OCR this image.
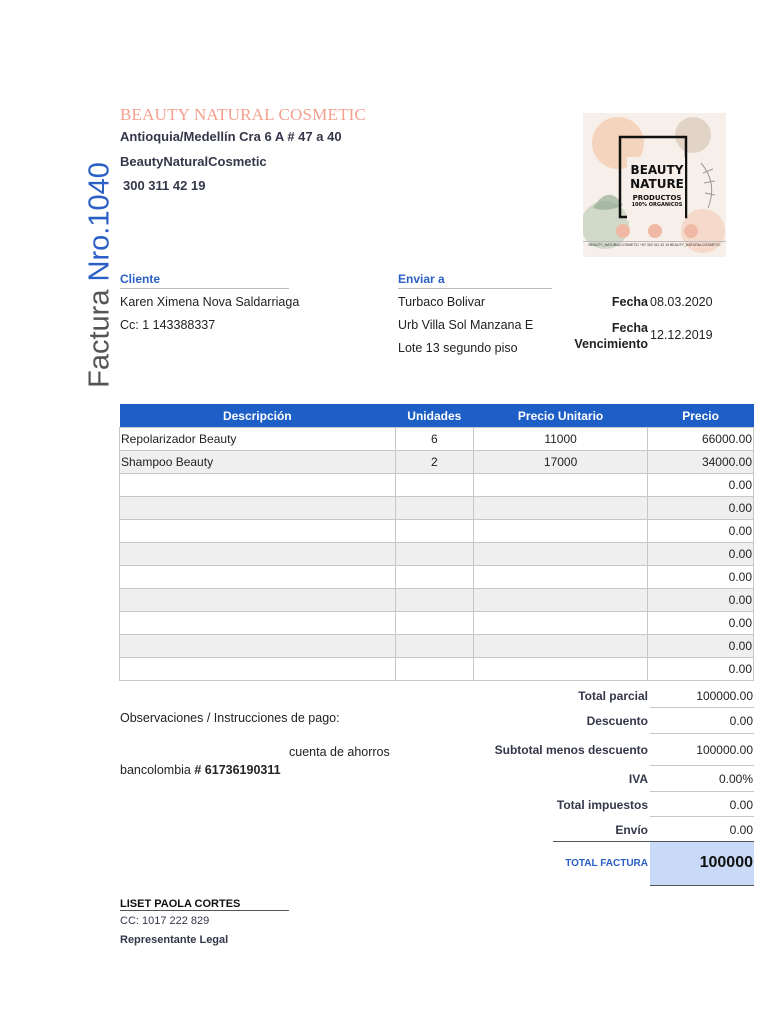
Factura Nro.1040
BEAUTY NATURAL COSMETIC
Antioquia/Medellín Cra 6 A # 47 a 40
BeautyNaturalCosmetic
300 311 42 19
BEAUTY
NATURE
PRODUCTOS
100% ORGANICOS
BEAUTY_NATURALCOSMETIC +57 300 311 42 19 BEAUTY_NATURALCOSMETIC
Cliente
Karen Ximena Nova Saldarriaga
Cc: 1 143388337
Enviar a
Turbaco Bolivar
Urb Villa Sol Manzana E
Lote 13 segundo piso
Fecha 08.03.2020
Fecha
Vencimiento
12.12.2019
Descripción	Unidades	Precio Unitario	Precio
Repolarizador Beauty	6	11000	66000.00
Shampoo Beauty	2	17000	34000.00
			0.00
			0.00
			0.00
			0.00
			0.00
			0.00
			0.00
			0.00
			0.00
Observaciones / Instrucciones de pago:
cuenta de ahorros
bancolombia # 61736190311
Total parcial	100000.00
Descuento	0.00
Subtotal menos descuento	100000.00
IVA	0.00%
Total impuestos	0.00
Envío	0.00
TOTAL FACTURA	100000
LISET PAOLA CORTES
CC: 1017 222 829
Representante Legal
